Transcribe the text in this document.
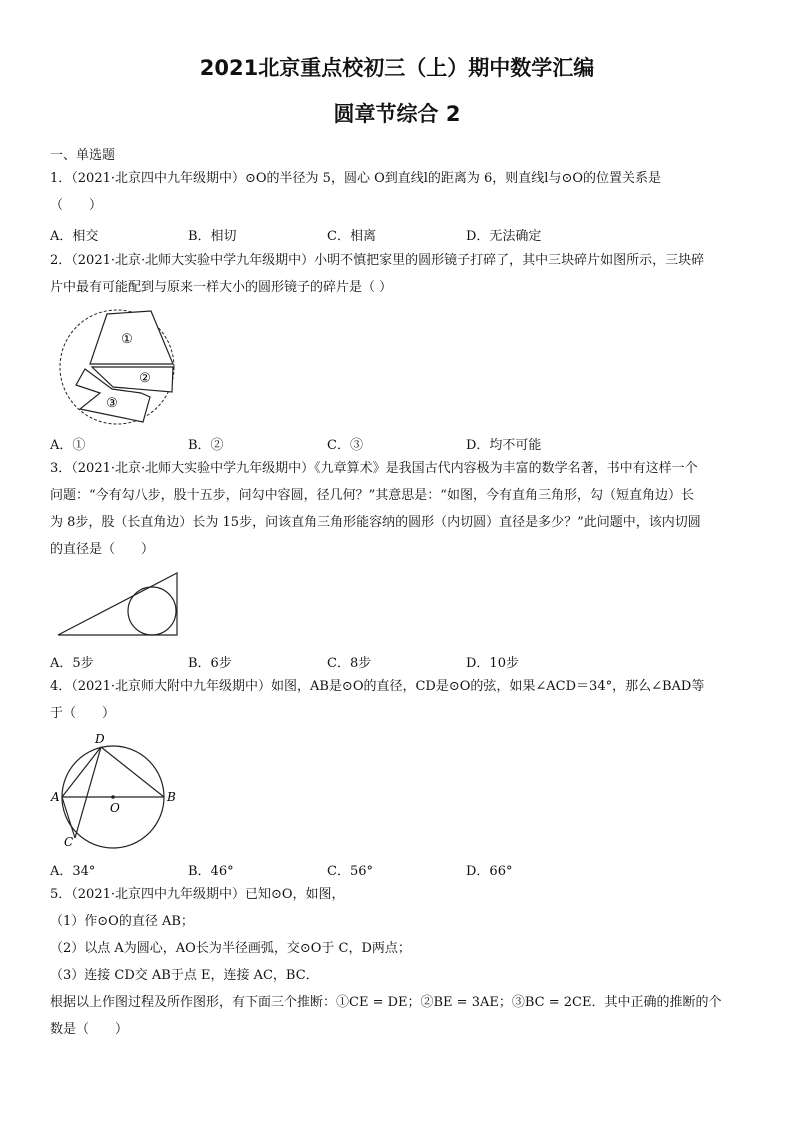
2021北京重点校初三（上）期中数学汇编
圆章节综合 2
一、单选题
1．（2021·北京四中九年级期中）⊙O的半径为 5，圆心 O到直线l的距离为 6，则直线l与⊙O的位置关系是
（　　）
A．相交	B．相切	C．相离	D．无法确定
2．（2021·北京·北师大实验中学九年级期中）小明不慎把家里的圆形镜子打碎了，其中三块碎片如图所示，三块碎
片中最有可能配到与原来一样大小的圆形镜子的碎片是（ ）
①
②
③
A．①	B．②	C．③	D．均不可能
3．（2021·北京·北师大实验中学九年级期中）《九章算术》是我国古代内容极为丰富的数学名著，书中有这样一个
问题：“今有勾八步，股十五步，问勾中容圆，径几何？”其意思是：“如图，今有直角三角形，勾（短直角边）长
为 8步，股（长直角边）长为 15步，问该直角三角形能容纳的圆形（内切圆）直径是多少？”此问题中，该内切圆
的直径是（　　）
A．5步	B．6步	C．8步	D．10步
4．（2021·北京师大附中九年级期中）如图，AB是⊙O的直径，CD是⊙O的弦，如果∠ACD＝34°，那么∠BAD等
于（　　）
D
A
O
B
C
A．34°	B．46°	C．56°	D．66°
5．（2021·北京四中九年级期中）已知⊙O，如图，
（1）作⊙O的直径 AB；
（2）以点 A为圆心，AO长为半径画弧，交⊙O于 C，D两点；
（3）连接 CD交 AB于点 E，连接 AC，BC．
根据以上作图过程及所作图形，有下面三个推断：①CE = DE；②BE = 3AE；③BC = 2CE．其中正确的推断的个
数是（　　）
